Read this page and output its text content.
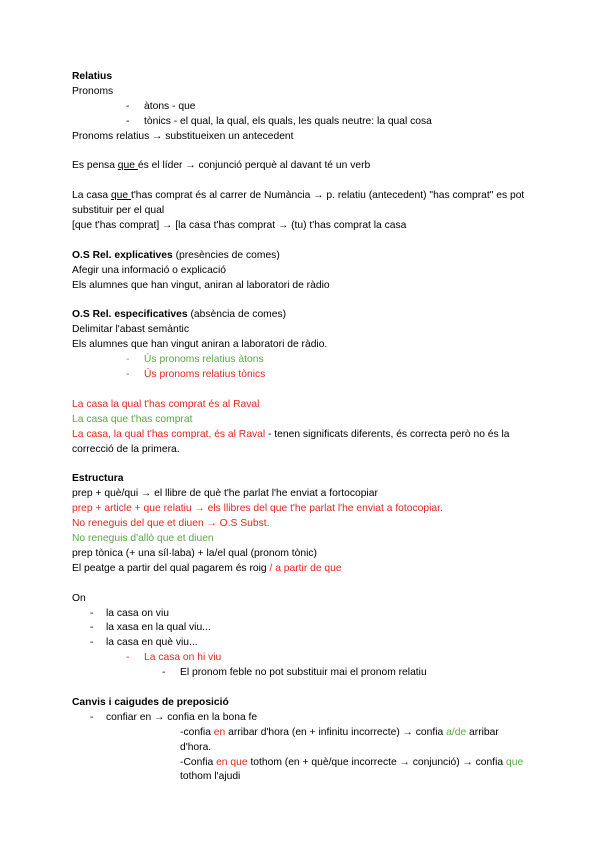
Relatius
Pronoms
- àtons - que
- tònics - el qual, la qual, els quals, les quals neutre: la qual cosa
Pronoms relatius → substitueixen un antecedent
Es pensa que és el líder → conjunció perquè al davant té un verb
La casa que t'has comprat és al carrer de Numància → p. relatiu (antecedent) "has comprat" es pot substituir per el qual
[que t'has comprat] → [la casa t'has comprat → (tu) t'has comprat la casa
O.S Rel. explicatives (presències de comes)
Afegir una informació o explicació
Els alumnes que han vingut, aniran al laboratori de ràdio
O.S Rel. especificatives (absència de comes)
Delimitar l'abast semàntic
Els alumnes que han vingut aniran a laboratori de ràdio.
- Ús pronoms relatius àtons
- Ús pronoms relatius tònics
La casa la qual t'has comprat és al Raval
La casa que t'has comprat
La casa, la qual t'has comprat, és al Raval - tenen significats diferents, és correcta però no és la correcció de la primera.
Estructura
prep + què/qui → el llibre de què t'he parlat l'he enviat a fortocopiar
prep + article + que relatiu → els llibres del que t'he parlat l'he enviat a fotocopiar.
No reneguis del que et diuen → O.S Subst.
No reneguis d'allò que et diuen
prep tònica (+ una síl·laba) + la/el qual (pronom tònic)
El peatge a partir del qual pagarem és roig / a partir de que
On
- la casa on viu
- la xasa en la qual viu...
- la casa en què viu...
- La casa on hi viu
- El pronom feble no pot substituir mai el pronom relatiu
Canvis i caigudes de preposició
- confiar en → confia en la bona fe
-confia en arribar d'hora (en + infinitu incorrecte) → confia a/de arribar d'hora.
-Confia en que tothom (en + què/que incorrecte → conjunció) → confia que tothom l'ajudi
